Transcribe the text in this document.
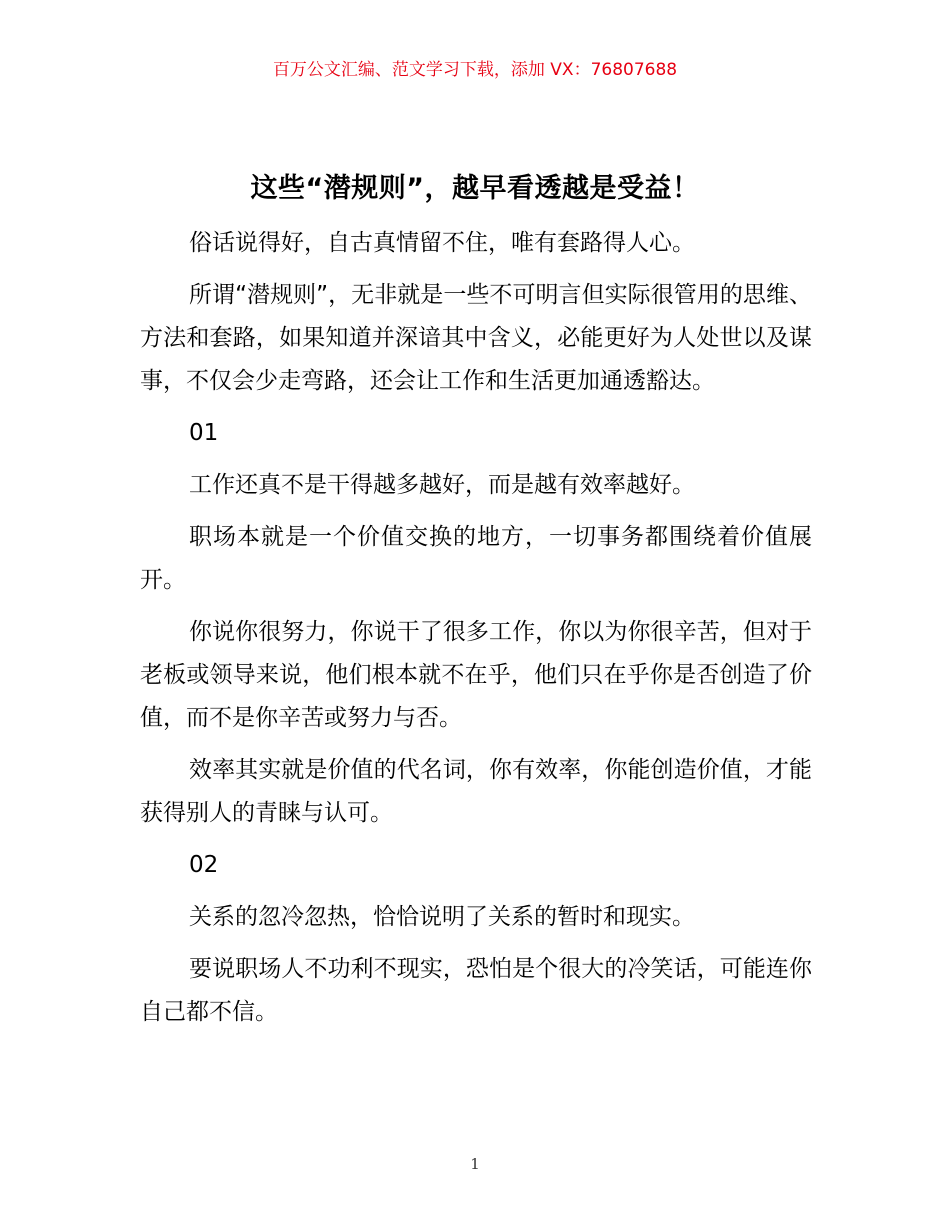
百万公文汇编、范文学习下载，添加 VX：76807688
这些“潜规则”，越早看透越是受益！

俗话说得好，自古真情留不住，唯有套路得人心。

所谓“潜规则”，无非就是一些不可明言但实际很管用的思维、方法和套路，如果知道并深谙其中含义，必能更好为人处世以及谋事，不仅会少走弯路，还会让工作和生活更加通透豁达。

01

工作还真不是干得越多越好，而是越有效率越好。

职场本就是一个价值交换的地方，一切事务都围绕着价值展开。

你说你很努力，你说干了很多工作，你以为你很辛苦，但对于老板或领导来说，他们根本就不在乎，他们只在乎你是否创造了价值，而不是你辛苦或努力与否。

效率其实就是价值的代名词，你有效率，你能创造价值，才能获得别人的青睐与认可。

02

关系的忽冷忽热，恰恰说明了关系的暂时和现实。

要说职场人不功利不现实，恐怕是个很大的冷笑话，可能连你自己都不信。

1
